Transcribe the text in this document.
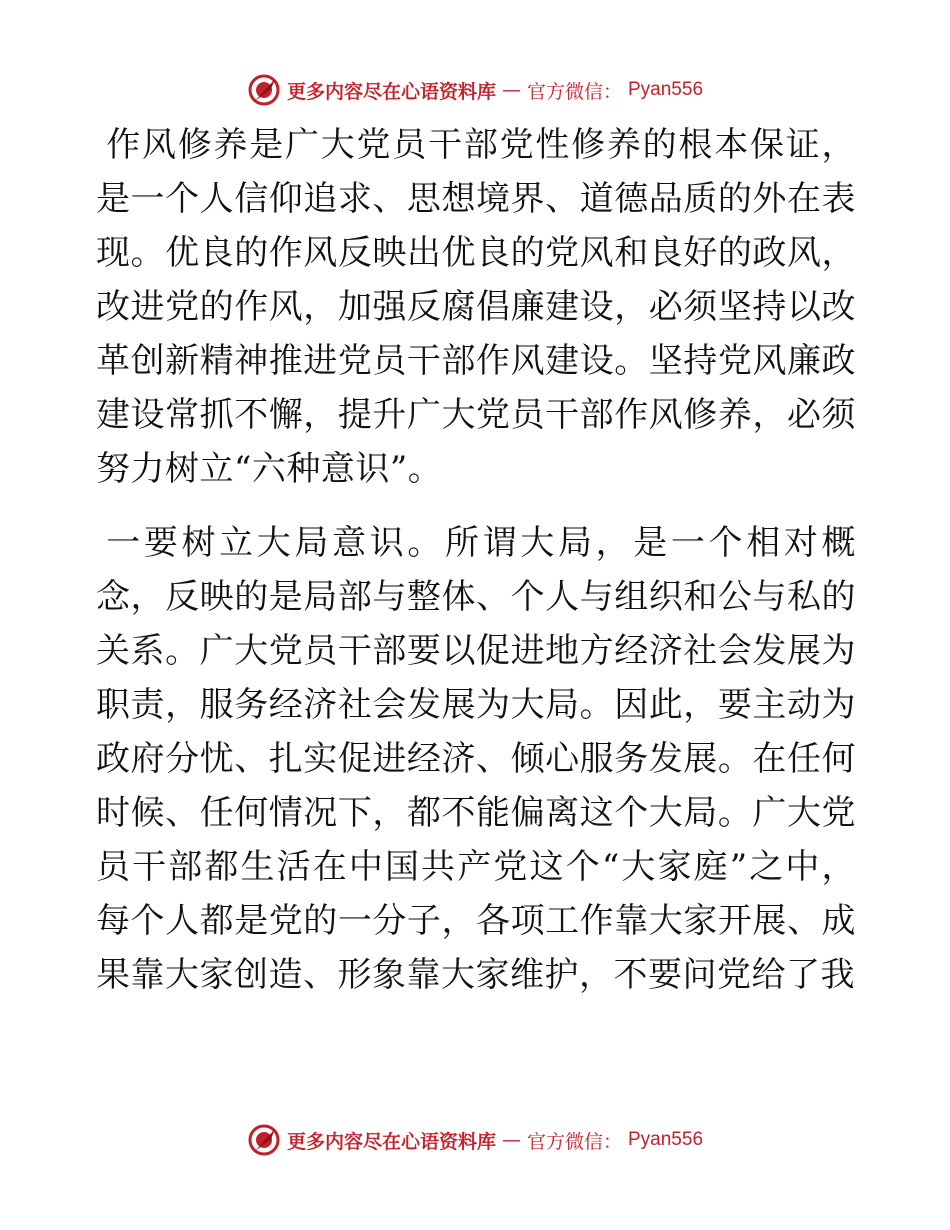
更多内容尽在心语资料库 — 官方微信： Pyan556

作风修养是广大党员干部党性修养的根本保证，是一个人信仰追求、思想境界、道德品质的外在表现。优良的作风反映出优良的党风和良好的政风，改进党的作风，加强反腐倡廉建设，必须坚持以改革创新精神推进党员干部作风建设。坚持党风廉政建设常抓不懈，提升广大党员干部作风修养，必须努力树立“六种意识”。

一要树立大局意识。所谓大局，是一个相对概念，反映的是局部与整体、个人与组织和公与私的关系。广大党员干部要以促进地方经济社会发展为职责，服务经济社会发展为大局。因此，要主动为政府分忧、扎实促进经济、倾心服务发展。在任何时候、任何情况下，都不能偏离这个大局。广大党员干部都生活在中国共产党这个“大家庭”之中，每个人都是党的一分子，各项工作靠大家开展、成果靠大家创造、形象靠大家维护，不要问党给了我

更多内容尽在心语资料库 — 官方微信： Pyan556
